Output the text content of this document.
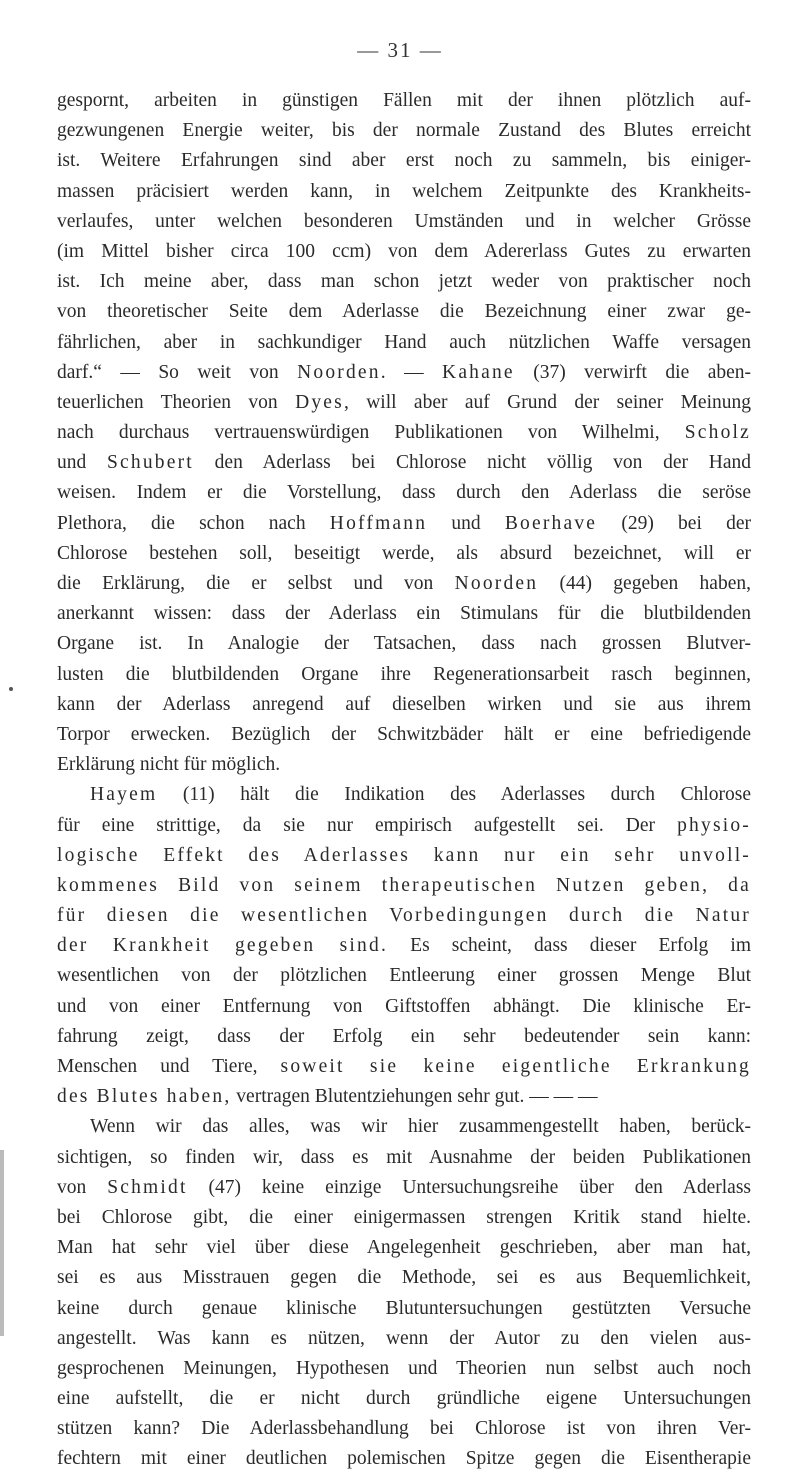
— 31 —
gespornt, arbeiten in günstigen Fällen mit der ihnen plötzlich auf-
gezwungenen Energie weiter, bis der normale Zustand des Blutes erreicht
ist. Weitere Erfahrungen sind aber erst noch zu sammeln, bis einiger-
massen präcisiert werden kann, in welchem Zeitpunkte des Krankheits-
verlaufes, unter welchen besonderen Umständen und in welcher Grösse
(im Mittel bisher circa 100 ccm) von dem Adererlass Gutes zu erwarten
ist. Ich meine aber, dass man schon jetzt weder von praktischer noch
von theoretischer Seite dem Aderlasse die Bezeichnung einer zwar ge-
fährlichen, aber in sachkundiger Hand auch nützlichen Waffe versagen
darf.“ — So weit von Noorden. — Kahane (37) verwirft die aben-
teuerlichen Theorien von Dyes, will aber auf Grund der seiner Meinung
nach durchaus vertrauenswürdigen Publikationen von Wilhelmi, Scholz
und Schubert den Aderlass bei Chlorose nicht völlig von der Hand
weisen. Indem er die Vorstellung, dass durch den Aderlass die seröse
Plethora, die schon nach Hoffmann und Boerhave (29) bei der
Chlorose bestehen soll, beseitigt werde, als absurd bezeichnet, will er
die Erklärung, die er selbst und von Noorden (44) gegeben haben,
anerkannt wissen: dass der Aderlass ein Stimulans für die blutbildenden
Organe ist. In Analogie der Tatsachen, dass nach grossen Blutver-
lusten die blutbildenden Organe ihre Regenerationsarbeit rasch beginnen,
kann der Aderlass anregend auf dieselben wirken und sie aus ihrem
Torpor erwecken. Bezüglich der Schwitzbäder hält er eine befriedigende
Erklärung nicht für möglich.
Hayem (11) hält die Indikation des Aderlasses durch Chlorose
für eine strittige, da sie nur empirisch aufgestellt sei. Der physio-
logische Effekt des Aderlasses kann nur ein sehr unvoll-
kommenes Bild von seinem therapeutischen Nutzen geben, da
für diesen die wesentlichen Vorbedingungen durch die Natur
der Krankheit gegeben sind. Es scheint, dass dieser Erfolg im
wesentlichen von der plötzlichen Entleerung einer grossen Menge Blut
und von einer Entfernung von Giftstoffen abhängt. Die klinische Er-
fahrung zeigt, dass der Erfolg ein sehr bedeutender sein kann:
Menschen und Tiere, soweit sie keine eigentliche Erkrankung
des Blutes haben, vertragen Blutentziehungen sehr gut. — — —
Wenn wir das alles, was wir hier zusammengestellt haben, berück-
sichtigen, so finden wir, dass es mit Ausnahme der beiden Publikationen
von Schmidt (47) keine einzige Untersuchungsreihe über den Aderlass
bei Chlorose gibt, die einer einigermassen strengen Kritik stand hielte.
Man hat sehr viel über diese Angelegenheit geschrieben, aber man hat,
sei es aus Misstrauen gegen die Methode, sei es aus Bequemlichkeit,
keine durch genaue klinische Blutuntersuchungen gestützten Versuche
angestellt. Was kann es nützen, wenn der Autor zu den vielen aus-
gesprochenen Meinungen, Hypothesen und Theorien nun selbst auch noch
eine aufstellt, die er nicht durch gründliche eigene Untersuchungen
stützen kann? Die Aderlassbehandlung bei Chlorose ist von ihren Ver-
fechtern mit einer deutlichen polemischen Spitze gegen die Eisentherapie
